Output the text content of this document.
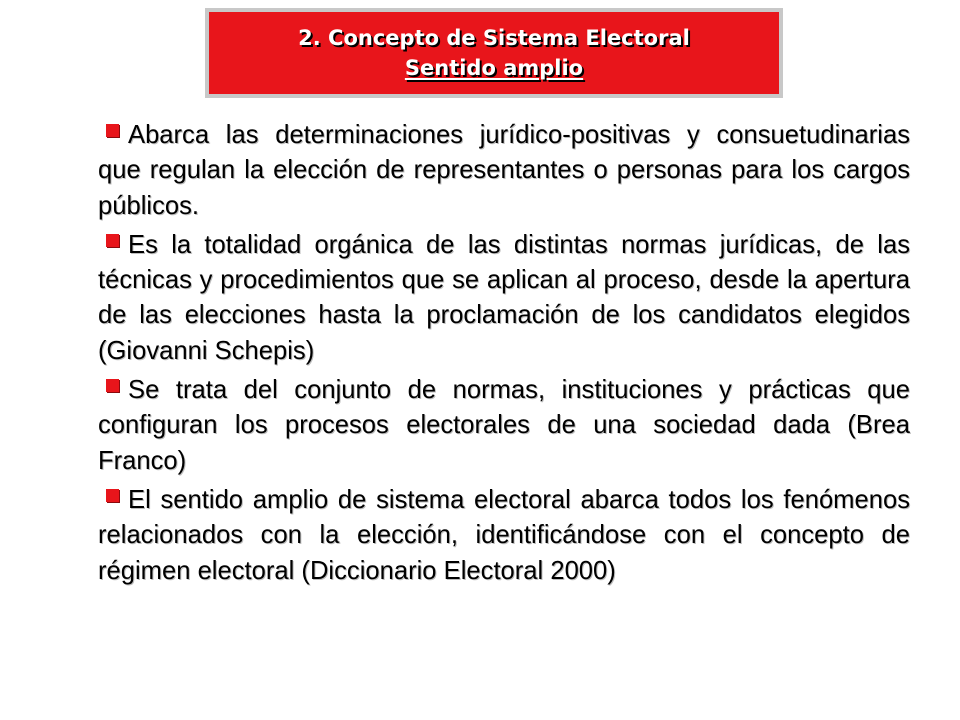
2. Concepto de Sistema Electoral
Sentido amplio
Abarca las determinaciones jurídico-positivas y consuetudinarias que regulan la elección de representantes o personas para los cargos públicos.
Es la totalidad orgánica de las distintas normas jurídicas, de las técnicas y procedimientos que se aplican al proceso, desde la apertura de las elecciones hasta la proclamación de los candidatos elegidos (Giovanni Schepis)
Se trata del conjunto de normas, instituciones y prácticas que configuran los procesos electorales de una sociedad dada (Brea Franco)
El sentido amplio de sistema electoral abarca todos los fenómenos relacionados con la elección, identificándose con el concepto de régimen electoral (Diccionario Electoral 2000)
